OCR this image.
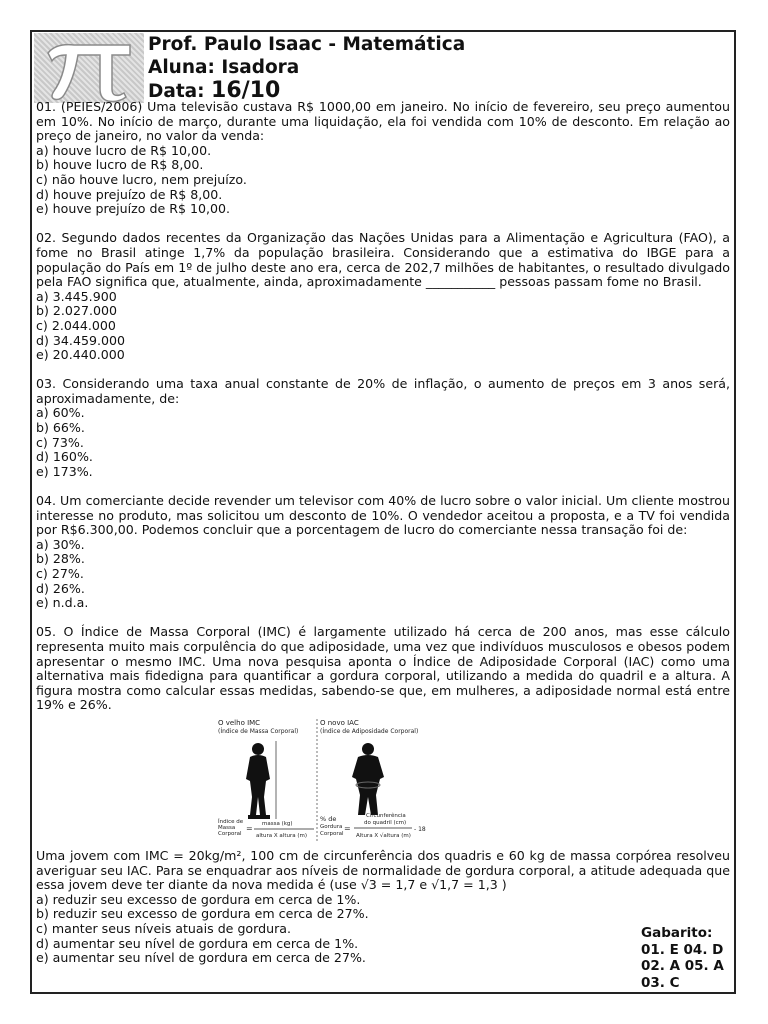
Prof. Paulo Isaac - Matemática
Aluna: Isadora
Data: 16/10

01. (PEIES/2006) Uma televisão custava R$ 1000,00 em janeiro. No início de fevereiro, seu preço aumentou em 10%. No início de março, durante uma liquidação, ela foi vendida com 10% de desconto. Em relação ao preço de janeiro, no valor da venda:

a) houve lucro de R$ 10,00.

b) houve lucro de R$ 8,00.

c) não houve lucro, nem prejuízo.

d) houve prejuízo de R$ 8,00.

e) houve prejuízo de R$ 10,00.

02. Segundo dados recentes da Organização das Nações Unidas para a Alimentação e Agricultura (FAO), a fome no Brasil atinge 1,7% da população brasileira. Considerando que a estimativa do IBGE para a população do País em 1º de julho deste ano era, cerca de 202,7 milhões de habitantes, o resultado divulgado pela FAO significa que, atualmente, ainda, aproximadamente ___________ pessoas passam fome no Brasil.

a) 3.445.900

b) 2.027.000

c) 2.044.000

d) 34.459.000

e) 20.440.000

03. Considerando uma taxa anual constante de 20% de inflação, o aumento de preços em 3 anos será, aproximadamente, de:

a) 60%.

b) 66%.

c) 73%.

d) 160%.

e) 173%.

04. Um comerciante decide revender um televisor com 40% de lucro sobre o valor inicial. Um cliente mostrou interesse no produto, mas solicitou um desconto de 10%. O vendedor aceitou a proposta, e a TV foi vendida por R$6.300,00. Podemos concluir que a porcentagem de lucro do comerciante nessa transação foi de:

a) 30%.

b) 28%.

c) 27%.

d) 26%.

e) n.d.a.

05. O Índice de Massa Corporal (IMC) é largamente utilizado há cerca de 200 anos, mas esse cálculo representa muito mais corpulência do que adiposidade, uma vez que indivíduos musculosos e obesos podem apresentar o mesmo IMC. Uma nova pesquisa aponta o Índice de Adiposidade Corporal (IAC) como uma alternativa mais fidedigna para quantificar a gordura corporal, utilizando a medida do quadril e a altura. A figura mostra como calcular essas medidas, sabendo-se que, em mulheres, a adiposidade normal está entre 19% e 26%.

O velho IMC
(Índice de Massa Corporal)
O novo IAC
(Índice de Adiposidade Corporal)
Índice de
Massa
Corporal
= massa (kg)
altura X altura (m)
% de
Gordura
Corporal
=
Circunferência
do quadril (cm)
Altura X √altura (m)
- 18

Uma jovem com IMC = 20kg/m², 100 cm de circunferência dos quadris e 60 kg de massa corpórea resolveu averiguar seu IAC. Para se enquadrar aos níveis de normalidade de gordura corporal, a atitude adequada que essa jovem deve ter diante da nova medida é (use √3 = 1,7 e √1,7 = 1,3 )

a) reduzir seu excesso de gordura em cerca de 1%.

b) reduzir seu excesso de gordura em cerca de 27%.

c) manter seus níveis atuais de gordura.

d) aumentar seu nível de gordura em cerca de 1%.

e) aumentar seu nível de gordura em cerca de 27%.

Gabarito:
01. E 04. D
02. A 05. A
03. C
